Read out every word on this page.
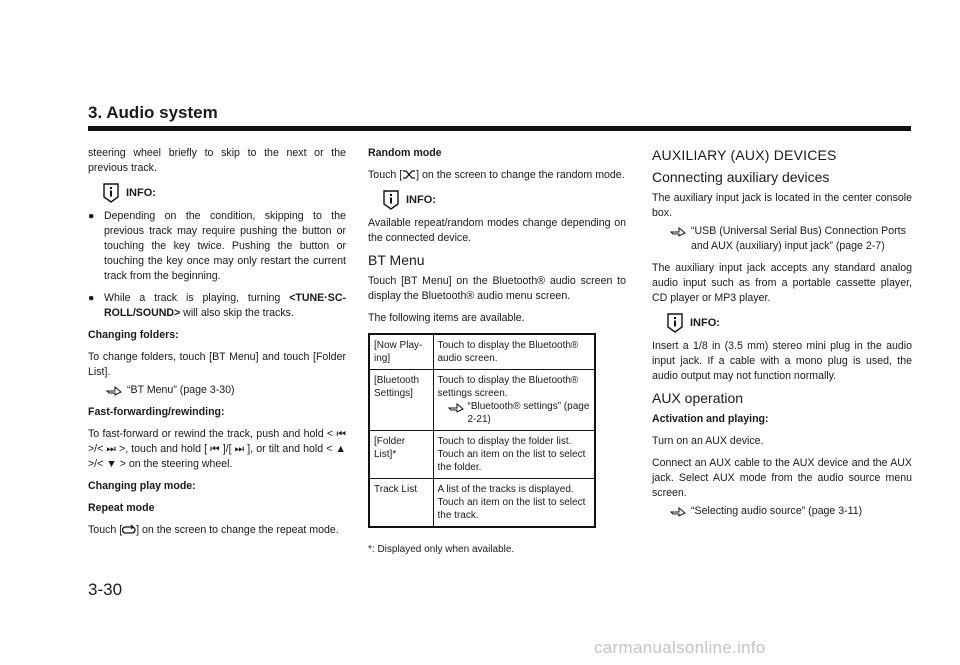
3. Audio system

steering wheel briefly to skip to the next or the previous track.

INFO:
● Depending on the condition, skipping to the previous track may require pushing the button or touching the key twice. Pushing the button or touching the key once may only restart the current track from the beginning.
● While a track is playing, turning <TUNE·SC-ROLL/SOUND> will also skip the tracks.

Changing folders:

To change folders, touch [BT Menu] and touch [Folder List].

“BT Menu” (page 3-30)

Fast-forwarding/rewinding:

To fast-forward or rewind the track, push and hold < ⏮ >/< ⏭ >, touch and hold [ ⏮ ]/[ ⏭ ], or tilt and hold < ▲ >/< ▼ > on the steering wheel.

Changing play mode:

Repeat mode

Touch [ ] on the screen to change the repeat mode.

Random mode

Touch [ ] on the screen to change the random mode.

INFO:

Available repeat/random modes change depending on the connected device.

BT Menu

Touch [BT Menu] on the Bluetooth® audio screen to display the Bluetooth® audio menu screen.

The following items are available.

[Now Play-ing]	Touch to display the Bluetooth® audio screen.
[Bluetooth Settings]	Touch to display the Bluetooth® settings screen.
“Bluetooth® settings” (page 2-21)

[Folder List]*	Touch to display the folder list. Touch an item on the list to select the folder.
Track List	A list of the tracks is displayed. Touch an item on the list to select the track.

*: Displayed only when available.

AUXILIARY (AUX) DEVICES
Connecting auxiliary devices

The auxiliary input jack is located in the center console box.

“USB (Universal Serial Bus) Connection Ports and AUX (auxiliary) input jack” (page 2-7)

The auxiliary input jack accepts any standard analog audio input such as from a portable cassette player, CD player or MP3 player.

INFO:

Insert a 1/8 in (3.5 mm) stereo mini plug in the audio input jack. If a cable with a mono plug is used, the audio output may not function normally.

AUX operation

Activation and playing:

Turn on an AUX device.

Connect an AUX cable to the AUX device and the AUX jack. Select AUX mode from the audio source menu screen.

“Selecting audio source” (page 3-11)
3-30
carmanualsonline.info
